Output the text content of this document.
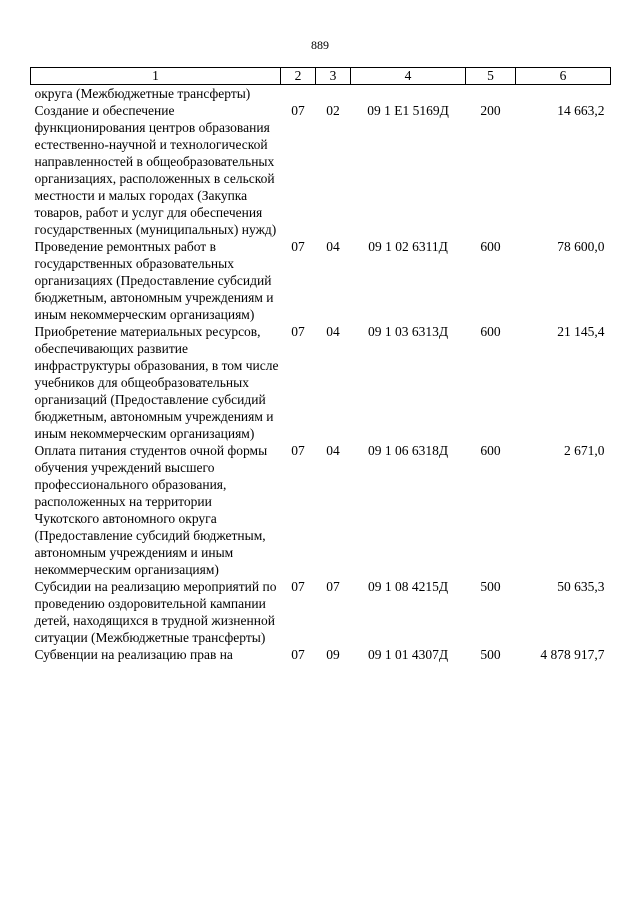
889
1	2	3	4	5	6
округа (Межбюджетные трансферты)					
Создание и обеспечение функционирования центров образования естественно-научной и технологической направленностей в общеобразовательных организациях, расположенных в сельской местности и малых городах (Закупка товаров, работ и услуг для обеспечения государственных (муниципальных) нужд)	07	02	09 1 E1 5169Д	200	14 663,2
Проведение ремонтных работ в государственных образовательных организациях (Предоставление субсидий бюджетным, автономным учреждениям и иным некоммерческим организациям)	07	04	09 1 02 6311Д	600	78 600,0
Приобретение материальных ресурсов, обеспечивающих развитие инфраструктуры образования, в том числе учебников для общеобразовательных организаций (Предоставление субсидий бюджетным, автономным учреждениям и иным некоммерческим организациям)	07	04	09 1 03 6313Д	600	21 145,4
Оплата питания студентов очной формы обучения учреждений высшего профессионального образования, расположенных на территории Чукотского автономного округа (Предоставление субсидий бюджетным, автономным учреждениям и иным некоммерческим организациям)	07	04	09 1 06 6318Д	600	2 671,0
Субсидии на реализацию мероприятий по проведению оздоровительной кампании детей, находящихся в трудной жизненной ситуации (Межбюджетные трансферты)	07	07	09 1 08 4215Д	500	50 635,3
Субвенции на реализацию прав на	07	09	09 1 01 4307Д	500	4 878 917,7
